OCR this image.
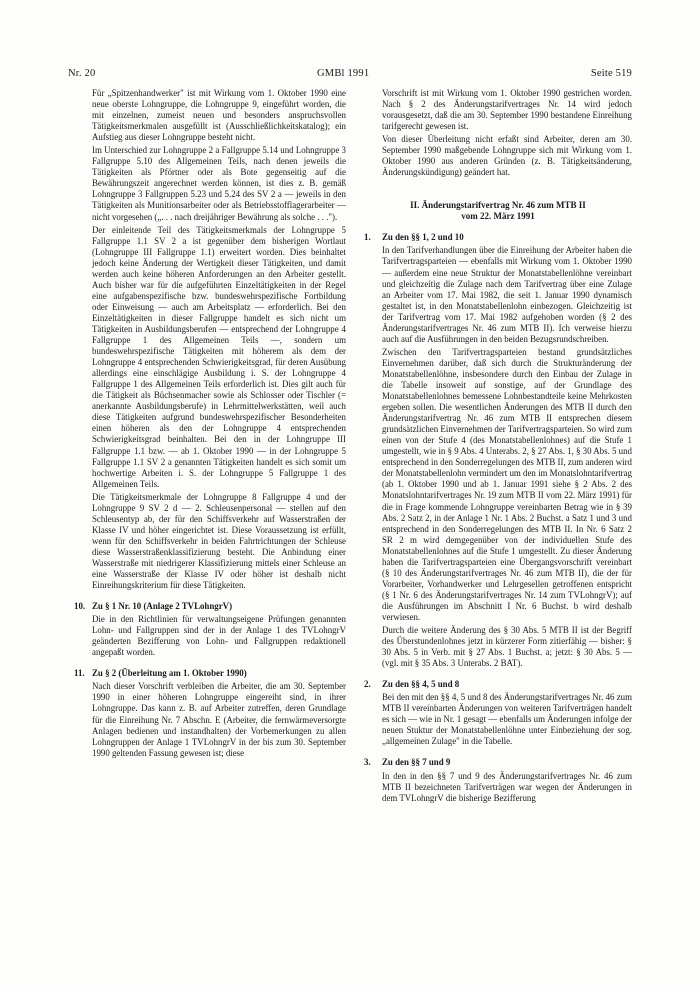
Nr. 20	GMBl 1991	Seite 519

Für „Spitzenhandwerker" ist mit Wirkung vom 1. Oktober 1990 eine neue oberste Lohngruppe, die Lohngruppe 9, eingeführt worden, die mit einzelnen, zumeist neuen und besonders anspruchsvollen Tätigkeitsmerkmalen ausgefüllt ist (Ausschließlichkeitskatalog); ein Aufstieg aus dieser Lohngruppe besteht nicht.

Im Unterschied zur Lohngruppe 2 a Fallgruppe 5.14 und Lohngruppe 3 Fallgruppe 5.10 des Allgemeinen Teils, nach denen jeweils die Tätigkeiten als Pförtner oder als Bote gegenseitig auf die Bewährungszeit angerechnet werden können, ist dies z. B. gemäß Lohngruppe 3 Fallgruppen 5.23 und 5.24 des SV 2 a — jeweils in den Tätigkeiten als Munitionsarbeiter oder als Betriebsstofflagerarbeiter — nicht vorgesehen („. . . nach dreijähriger Bewährung als solche . . .").

Der einleitende Teil des Tätigkeitsmerkmals der Lohngruppe 5 Fallgruppe 1.1 SV 2 a ist gegenüber dem bisherigen Wortlaut (Lohngruppe III Fallgruppe 1.1) erweitert worden. Dies beinhaltet jedoch keine Änderung der Wertigkeit dieser Tätigkeiten, und damit werden auch keine höheren Anforderungen an den Arbeiter gestellt. Auch bisher war für die aufgeführten Einzeltätigkeiten in der Regel eine aufgabenspezifische bzw. bundeswehrspezifische Fortbildung oder Einweisung — auch am Arbeitsplatz — erforderlich. Bei den Einzeltätigkeiten in dieser Fallgruppe handelt es sich nicht um Tätigkeiten in Ausbildungsberufen — entsprechend der Lohngruppe 4 Fallgruppe 1 des Allgemeinen Teils —, sondern um bundeswehrspezifische Tätigkeiten mit höherem als dem der Lohngruppe 4 entsprechenden Schwierigkeitsgrad, für deren Ausübung allerdings eine einschlägige Ausbildung i. S. der Lohngruppe 4 Fallgruppe 1 des Allgemeinen Teils erforderlich ist. Dies gilt auch für die Tätigkeit als Büchsenmacher sowie als Schlosser oder Tischler (= anerkannte Ausbildungsberufe) in Lehrmittelwerkstätten, weil auch diese Tätigkeiten aufgrund bundeswehrspezifischer Besonderheiten einen höheren als den der Lohngruppe 4 entsprechenden Schwierigkeitsgrad beinhalten. Bei den in der Lohngruppe III Fallgruppe 1.1 bzw. — ab 1. Oktober 1990 — in der Lohngruppe 5 Fallgruppe 1.1 SV 2 a genannten Tätigkeiten handelt es sich somit um hochwertige Arbeiten i. S. der Lohngruppe 5 Fallgruppe 1 des Allgemeinen Teils.

Die Tätigkeitsmerkmale der Lohngruppe 8 Fallgruppe 4 und der Lohngruppe 9 SV 2 d — 2. Schleusenpersonal — stellen auf den Schleusentyp ab, der für den Schiffsverkehr auf Wasserstraßen der Klasse IV und höher eingerichtet ist. Diese Voraussetzung ist erfüllt, wenn für den Schiffsverkehr in beiden Fahrtrichtungen der Schleuse diese Wasserstraßenklassifizierung besteht. Die Anbindung einer Wasserstraße mit niedrigerer Klassifizierung mittels einer Schleuse an eine Wasserstraße der Klasse IV oder höher ist deshalb nicht Einreihungskriterium für diese Tätigkeiten.

10. Zu § 1 Nr. 10 (Anlage 2 TVLohngrV)

Die in den Richtlinien für verwaltungseigene Prüfungen genannten Lohn- und Fallgruppen sind der in der Anlage 1 des TVLohngrV geänderten Bezifferung von Lohn- und Fallgruppen redaktionell angepaßt worden.

11. Zu § 2 (Überleitung am 1. Oktober 1990)

Nach dieser Vorschrift verbleiben die Arbeiter, die am 30. September 1990 in einer höheren Lohngruppe eingereiht sind, in ihrer Lohngruppe. Das kann z. B. auf Arbeiter zutreffen, deren Grundlage für die Einreihung Nr. 7 Abschn. E (Arbeiter, die fernwärmeversorgte Anlagen bedienen und instandhalten) der Vorbemerkungen zu allen Lohngruppen der Anlage 1 TVLohngrV in der bis zum 30. September 1990 geltenden Fassung gewesen ist; diese

Vorschrift ist mit Wirkung vom 1. Oktober 1990 gestrichen worden. Nach § 2 des Änderungstarifvertrages Nr. 14 wird jedoch vorausgesetzt, daß die am 30. September 1990 bestandene Einreihung tarifgerecht gewesen ist.

Von dieser Überleitung nicht erfaßt sind Arbeiter, deren am 30. September 1990 maßgebende Lohngruppe sich mit Wirkung vom 1. Oktober 1990 aus anderen Gründen (z. B. Tätigkeitsänderung, Änderungskündigung) geändert hat.

II. Änderungstarifvertrag Nr. 46 zum MTB II
vom 22. März 1991
1.	Zu den §§ 1, 2 und 10

In den Tarifverhandlungen über die Einreihung der Arbeiter haben die Tarifvertragsparteien — ebenfalls mit Wirkung vom 1. Oktober 1990 — außerdem eine neue Struktur der Monatstabellenlöhne vereinbart und gleichzeitig die Zulage nach dem Tarifvertrag über eine Zulage an Arbeiter vom 17. Mai 1982, die seit 1. Januar 1990 dynamisch gestaltet ist, in den Monatstabellenlohn einbezogen. Gleichzeitig ist der Tarifvertrag vom 17. Mai 1982 aufgehoben worden (§ 2 des Änderungstarifvertrages Nr. 46 zum MTB II). Ich verweise hierzu auch auf die Ausführungen in den beiden Bezugsrundschreiben.

Zwischen den Tarifvertragsparteien bestand grundsätzliches Einvernehmen darüber, daß sich durch die Strukturänderung der Monatstabellenlöhne, insbesondere durch den Einbau der Zulage in die Tabelle insoweit auf sonstige, auf der Grundlage des Monatstabellenlohnes bemessene Lohnbestandteile keine Mehrkosten ergeben sollen. Die wesentlichen Änderungen des MTB II durch den Änderungstarifvertrag Nr. 46 zum MTB II entsprechen diesem grundsätzlichen Einvernehmen der Tarifvertragsparteien. So wird zum einen von der Stufe 4 (des Monatstabellenlohnes) auf die Stufe 1 umgestellt, wie in § 9 Abs. 4 Unterabs. 2, § 27 Abs. 1, § 30 Abs. 5 und entsprechend in den Sonderregelungen des MTB II, zum anderen wird der Monatstabellenlohn vermindert um den im Monatslohntarifvertrag (ab 1. Oktober 1990 und ab 1. Januar 1991 siehe § 2 Abs. 2 des Monatslohntarifvertrages Nr. 19 zum MTB II vom 22. März 1991) für die in Frage kommende Lohngruppe vereinbarten Betrag wie in § 39 Abs. 2 Satz 2, in der Anlage 1 Nr. 1 Abs. 2 Buchst. a Satz 1 und 3 und entsprechend in den Sonderregelungen des MTB II. In Nr. 6 Satz 2 SR 2 m wird demgegenüber von der individuellen Stufe des Monatstabellenlohnes auf die Stufe 1 umgestellt. Zu dieser Änderung haben die Tarifvertragsparteien eine Übergangsvorschrift vereinbart (§ 10 des Änderungstarifvertrages Nr. 46 zum MTB II), die der für Vorarbeiter, Vorhandwerker und Lehrgesellen getroffenen entspricht (§ 1 Nr. 6 des Änderungstarifvertrages Nr. 14 zum TVLohngrV); auf die Ausführungen im Abschnitt I Nr. 6 Buchst. b wird deshalb verwiesen.

Durch die weitere Änderung des § 30 Abs. 5 MTB II ist der Begriff des Überstundenlohnes jetzt in kürzerer Form zitierfähig — bisher: § 30 Abs. 5 in Verb. mit § 27 Abs. 1 Buchst. a; jetzt: § 30 Abs. 5 — (vgl. mit § 35 Abs. 3 Unterabs. 2 BAT).

2.	Zu den §§ 4, 5 und 8

Bei den mit den §§ 4, 5 und 8 des Änderungstarifvertrages Nr. 46 zum MTB II vereinbarten Änderungen von weiteren Tarifverträgen handelt es sich — wie in Nr. 1 gesagt — ebenfalls um Änderungen infolge der neuen Stuktur der Monatstabellenlöhne unter Einbeziehung der sog. „allgemeinen Zulage" in die Tabelle.

3.	Zu den §§ 7 und 9

In den in den §§ 7 und 9 des Änderungstarifvertrages Nr. 46 zum MTB II bezeichneten Tarifverträgen war wegen der Änderungen in dem TVLohngrV die bisherige Bezifferung
